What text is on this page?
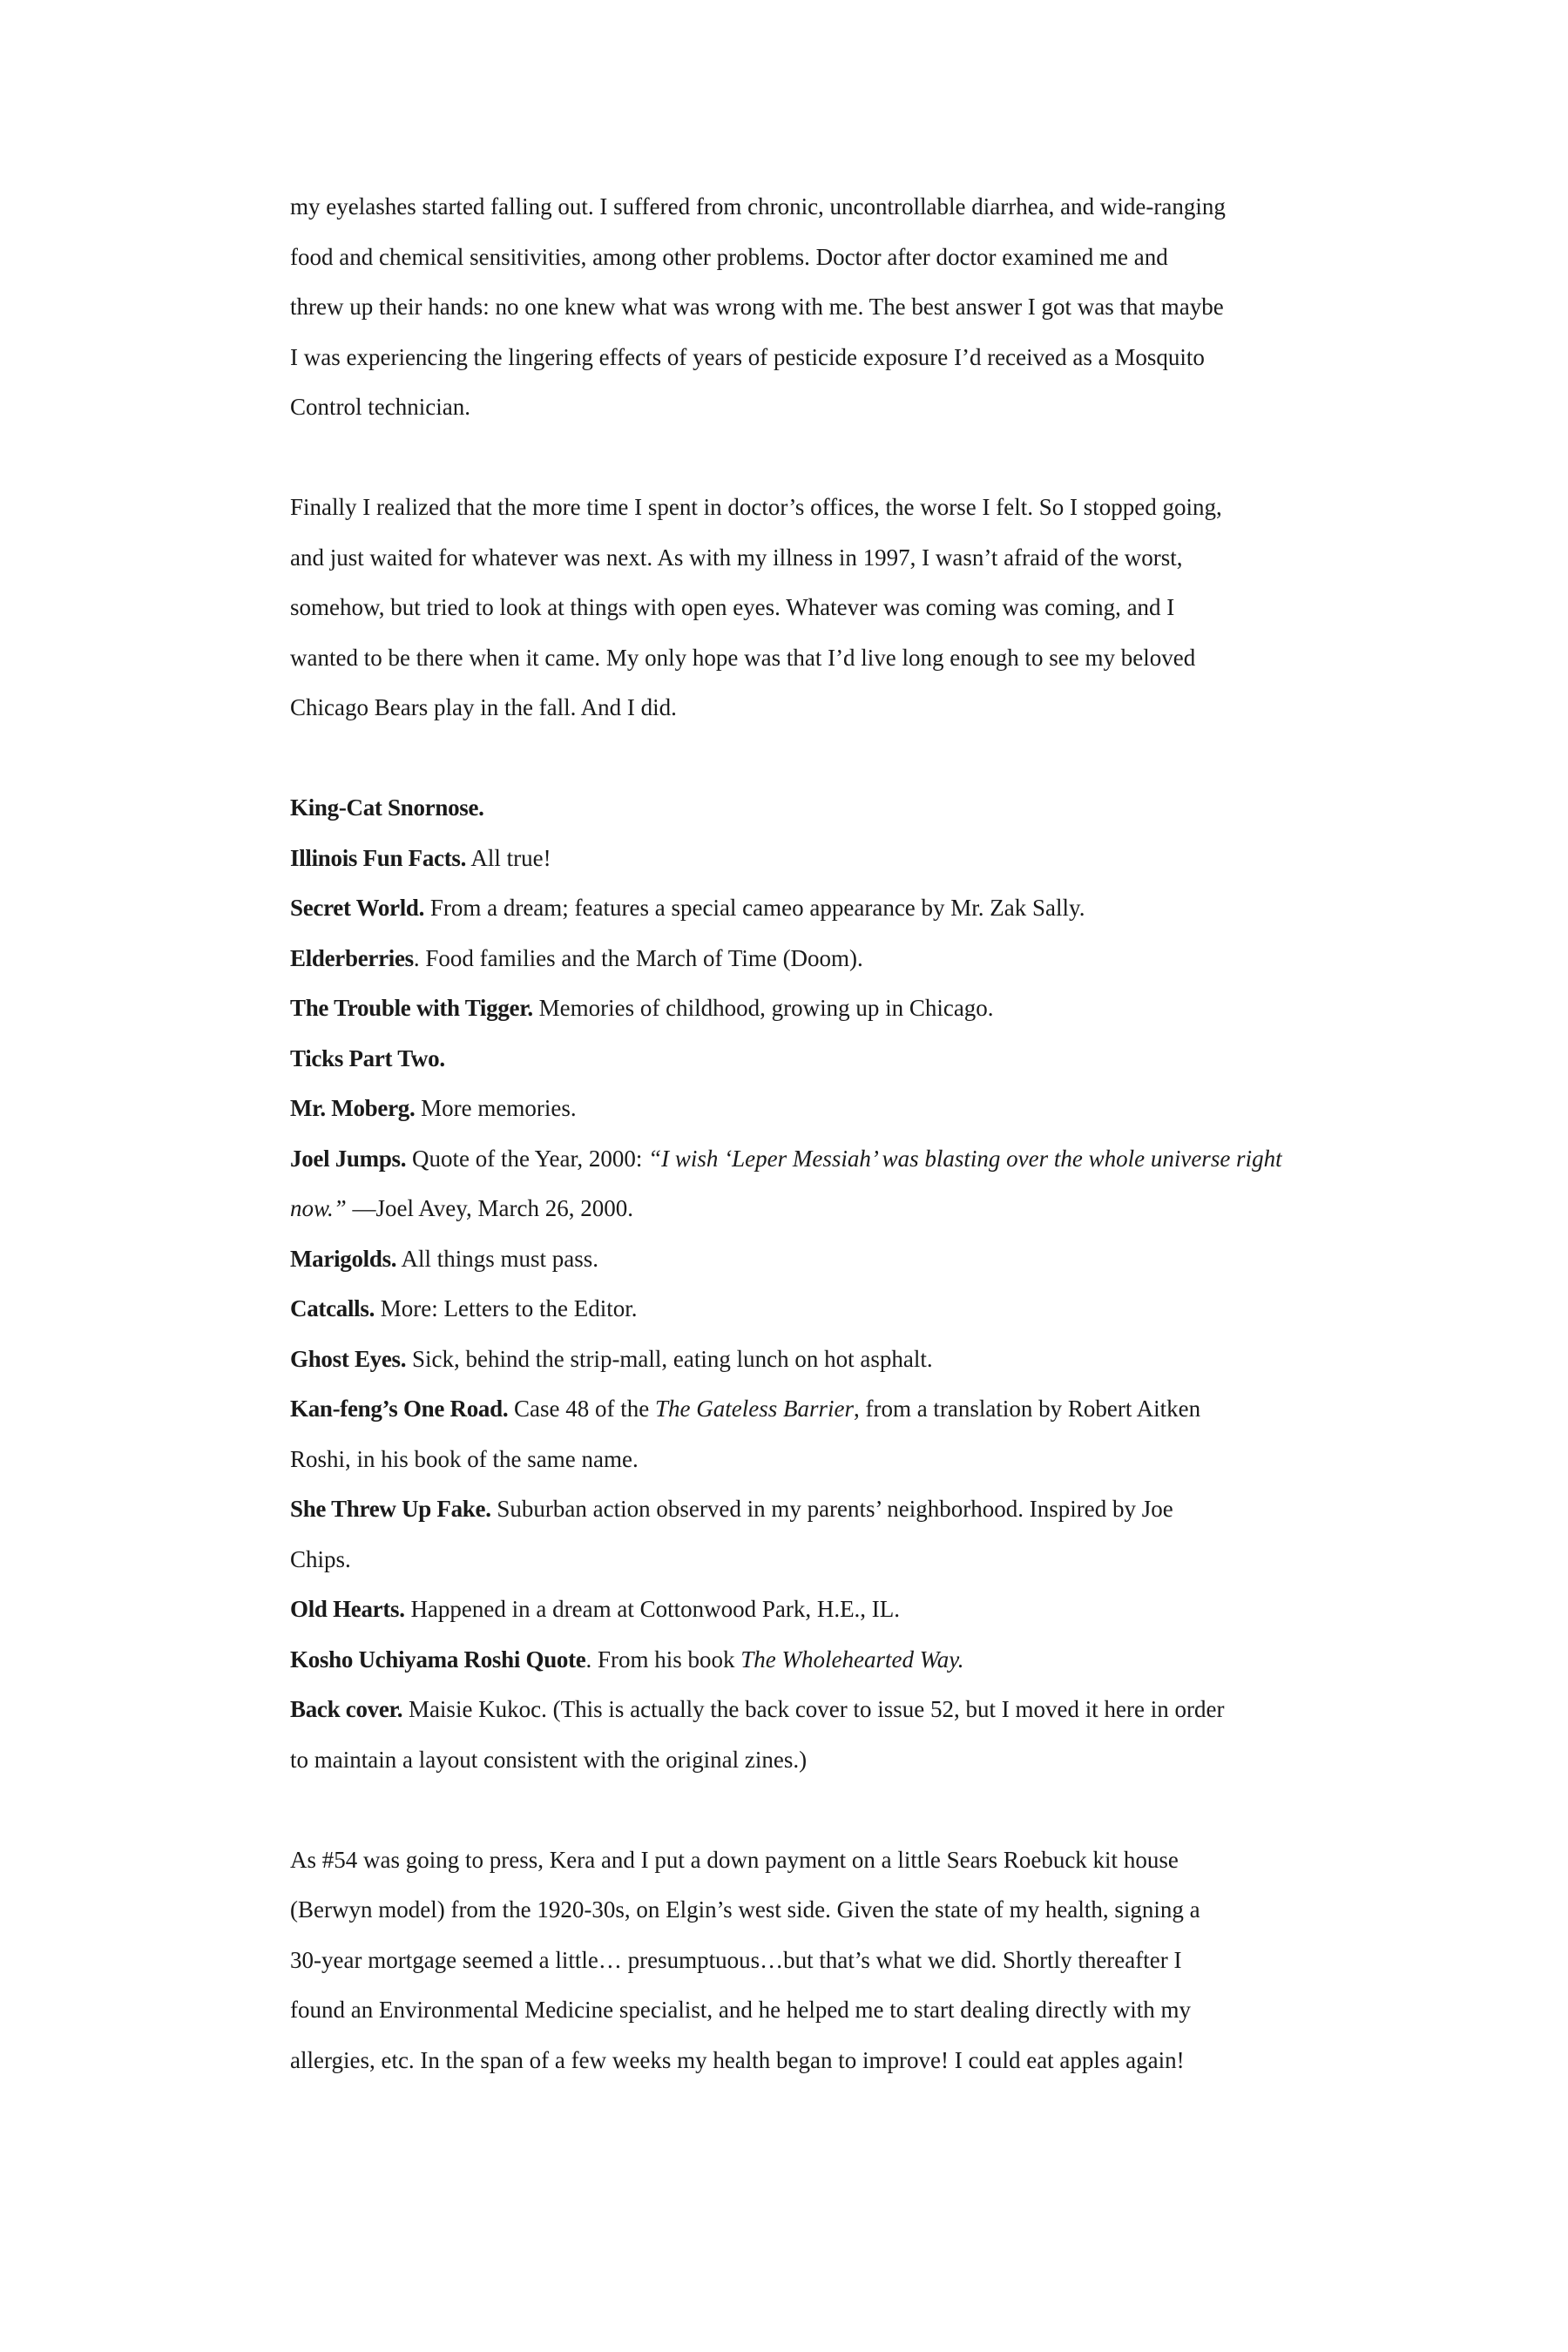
my eyelashes started falling out. I suffered from chronic, uncontrollable diarrhea, and wide-ranging
food and chemical sensitivities, among other problems. Doctor after doctor examined me and
threw up their hands: no one knew what was wrong with me. The best answer I got was that maybe
I was experiencing the lingering effects of years of pesticide exposure I’d received as a Mosquito
Control technician.
Finally I realized that the more time I spent in doctor’s offices, the worse I felt. So I stopped going,
and just waited for whatever was next. As with my illness in 1997, I wasn’t afraid of the worst,
somehow, but tried to look at things with open eyes. Whatever was coming was coming, and I
wanted to be there when it came. My only hope was that I’d live long enough to see my beloved
Chicago Bears play in the fall. And I did.
King-Cat Snornose.
Illinois Fun Facts. All true!
Secret World. From a dream; features a special cameo appearance by Mr. Zak Sally.
Elderberries. Food families and the March of Time (Doom).
The Trouble with Tigger. Memories of childhood, growing up in Chicago.
Ticks Part Two.
Mr. Moberg. More memories.
Joel Jumps. Quote of the Year, 2000: “I wish ‘Leper Messiah’ was blasting over the whole universe right
now.” —Joel Avey, March 26, 2000.
Marigolds. All things must pass.
Catcalls. More: Letters to the Editor.
Ghost Eyes. Sick, behind the strip-mall, eating lunch on hot asphalt.
Kan-feng’s One Road. Case 48 of the The Gateless Barrier, from a translation by Robert Aitken
Roshi, in his book of the same name.
She Threw Up Fake. Suburban action observed in my parents’ neighborhood. Inspired by Joe
Chips.
Old Hearts. Happened in a dream at Cottonwood Park, H.E., IL.
Kosho Uchiyama Roshi Quote. From his book The Wholehearted Way.
Back cover. Maisie Kukoc. (This is actually the back cover to issue 52, but I moved it here in order
to maintain a layout consistent with the original zines.)
As #54 was going to press, Kera and I put a down payment on a little Sears Roebuck kit house
(Berwyn model) from the 1920-30s, on Elgin’s west side. Given the state of my health, signing a
30-year mortgage seemed a little… presumptuous…but that’s what we did. Shortly thereafter I
found an Environmental Medicine specialist, and he helped me to start dealing directly with my
allergies, etc. In the span of a few weeks my health began to improve! I could eat apples again!
